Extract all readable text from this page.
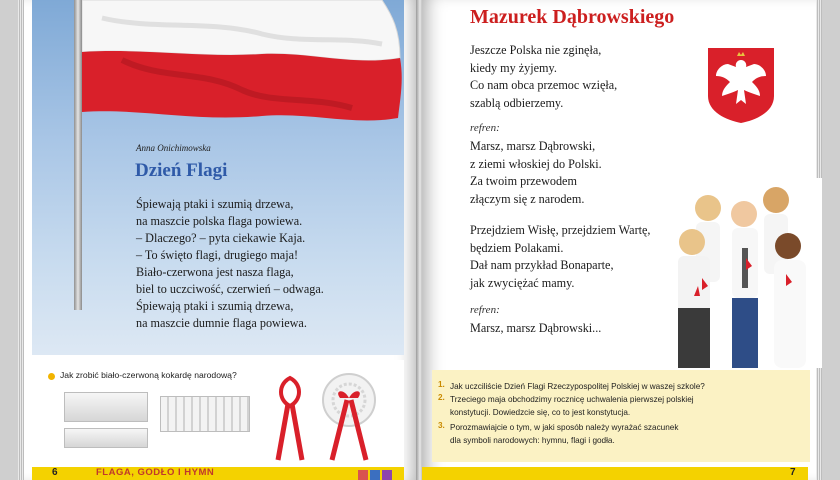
Anna Onichimowska
Dzień Flagi
Śpiewają ptaki i szumią drzewa,
na maszcie polska flaga powiewa.
– Dlaczego? – pyta ciekawie Kaja.
– To święto flagi, drugiego maja!
Biało-czerwona jest nasza flaga,
biel to uczciwość, czerwień – odwaga.
Śpiewają ptaki i szumią drzewa,
na maszcie dumnie flaga powiewa.
Jak zrobić biało-czerwoną kokardę narodową?
6	FLAGA, GODŁO I HYMN
Mazurek Dąbrowskiego
Jeszcze Polska nie zginęła,
kiedy my żyjemy.
Co nam obca przemoc wzięła,
szablą odbierzemy.
refren:
Marsz, marsz Dąbrowski,
z ziemi włoskiej do Polski.
Za twoim przewodem
złączym się z narodem.
Przejdziem Wisłę, przejdziem Wartę,
będziem Polakami.
Dał nam przykład Bonaparte,
jak zwyciężać mamy.
refren:
Marsz, marsz Dąbrowski...
1. Jak uczciliście Dzień Flagi Rzeczypospolitej Polskiej w waszej szkole?
2. Trzeciego maja obchodzimy rocznicę uchwalenia pierwszej polskiej
konstytucji. Dowiedzcie się, co to jest konstytucja.
3. Porozmawiajcie o tym, w jaki sposób należy wyrażać szacunek
dla symboli narodowych: hymnu, flagi i godła.
7
